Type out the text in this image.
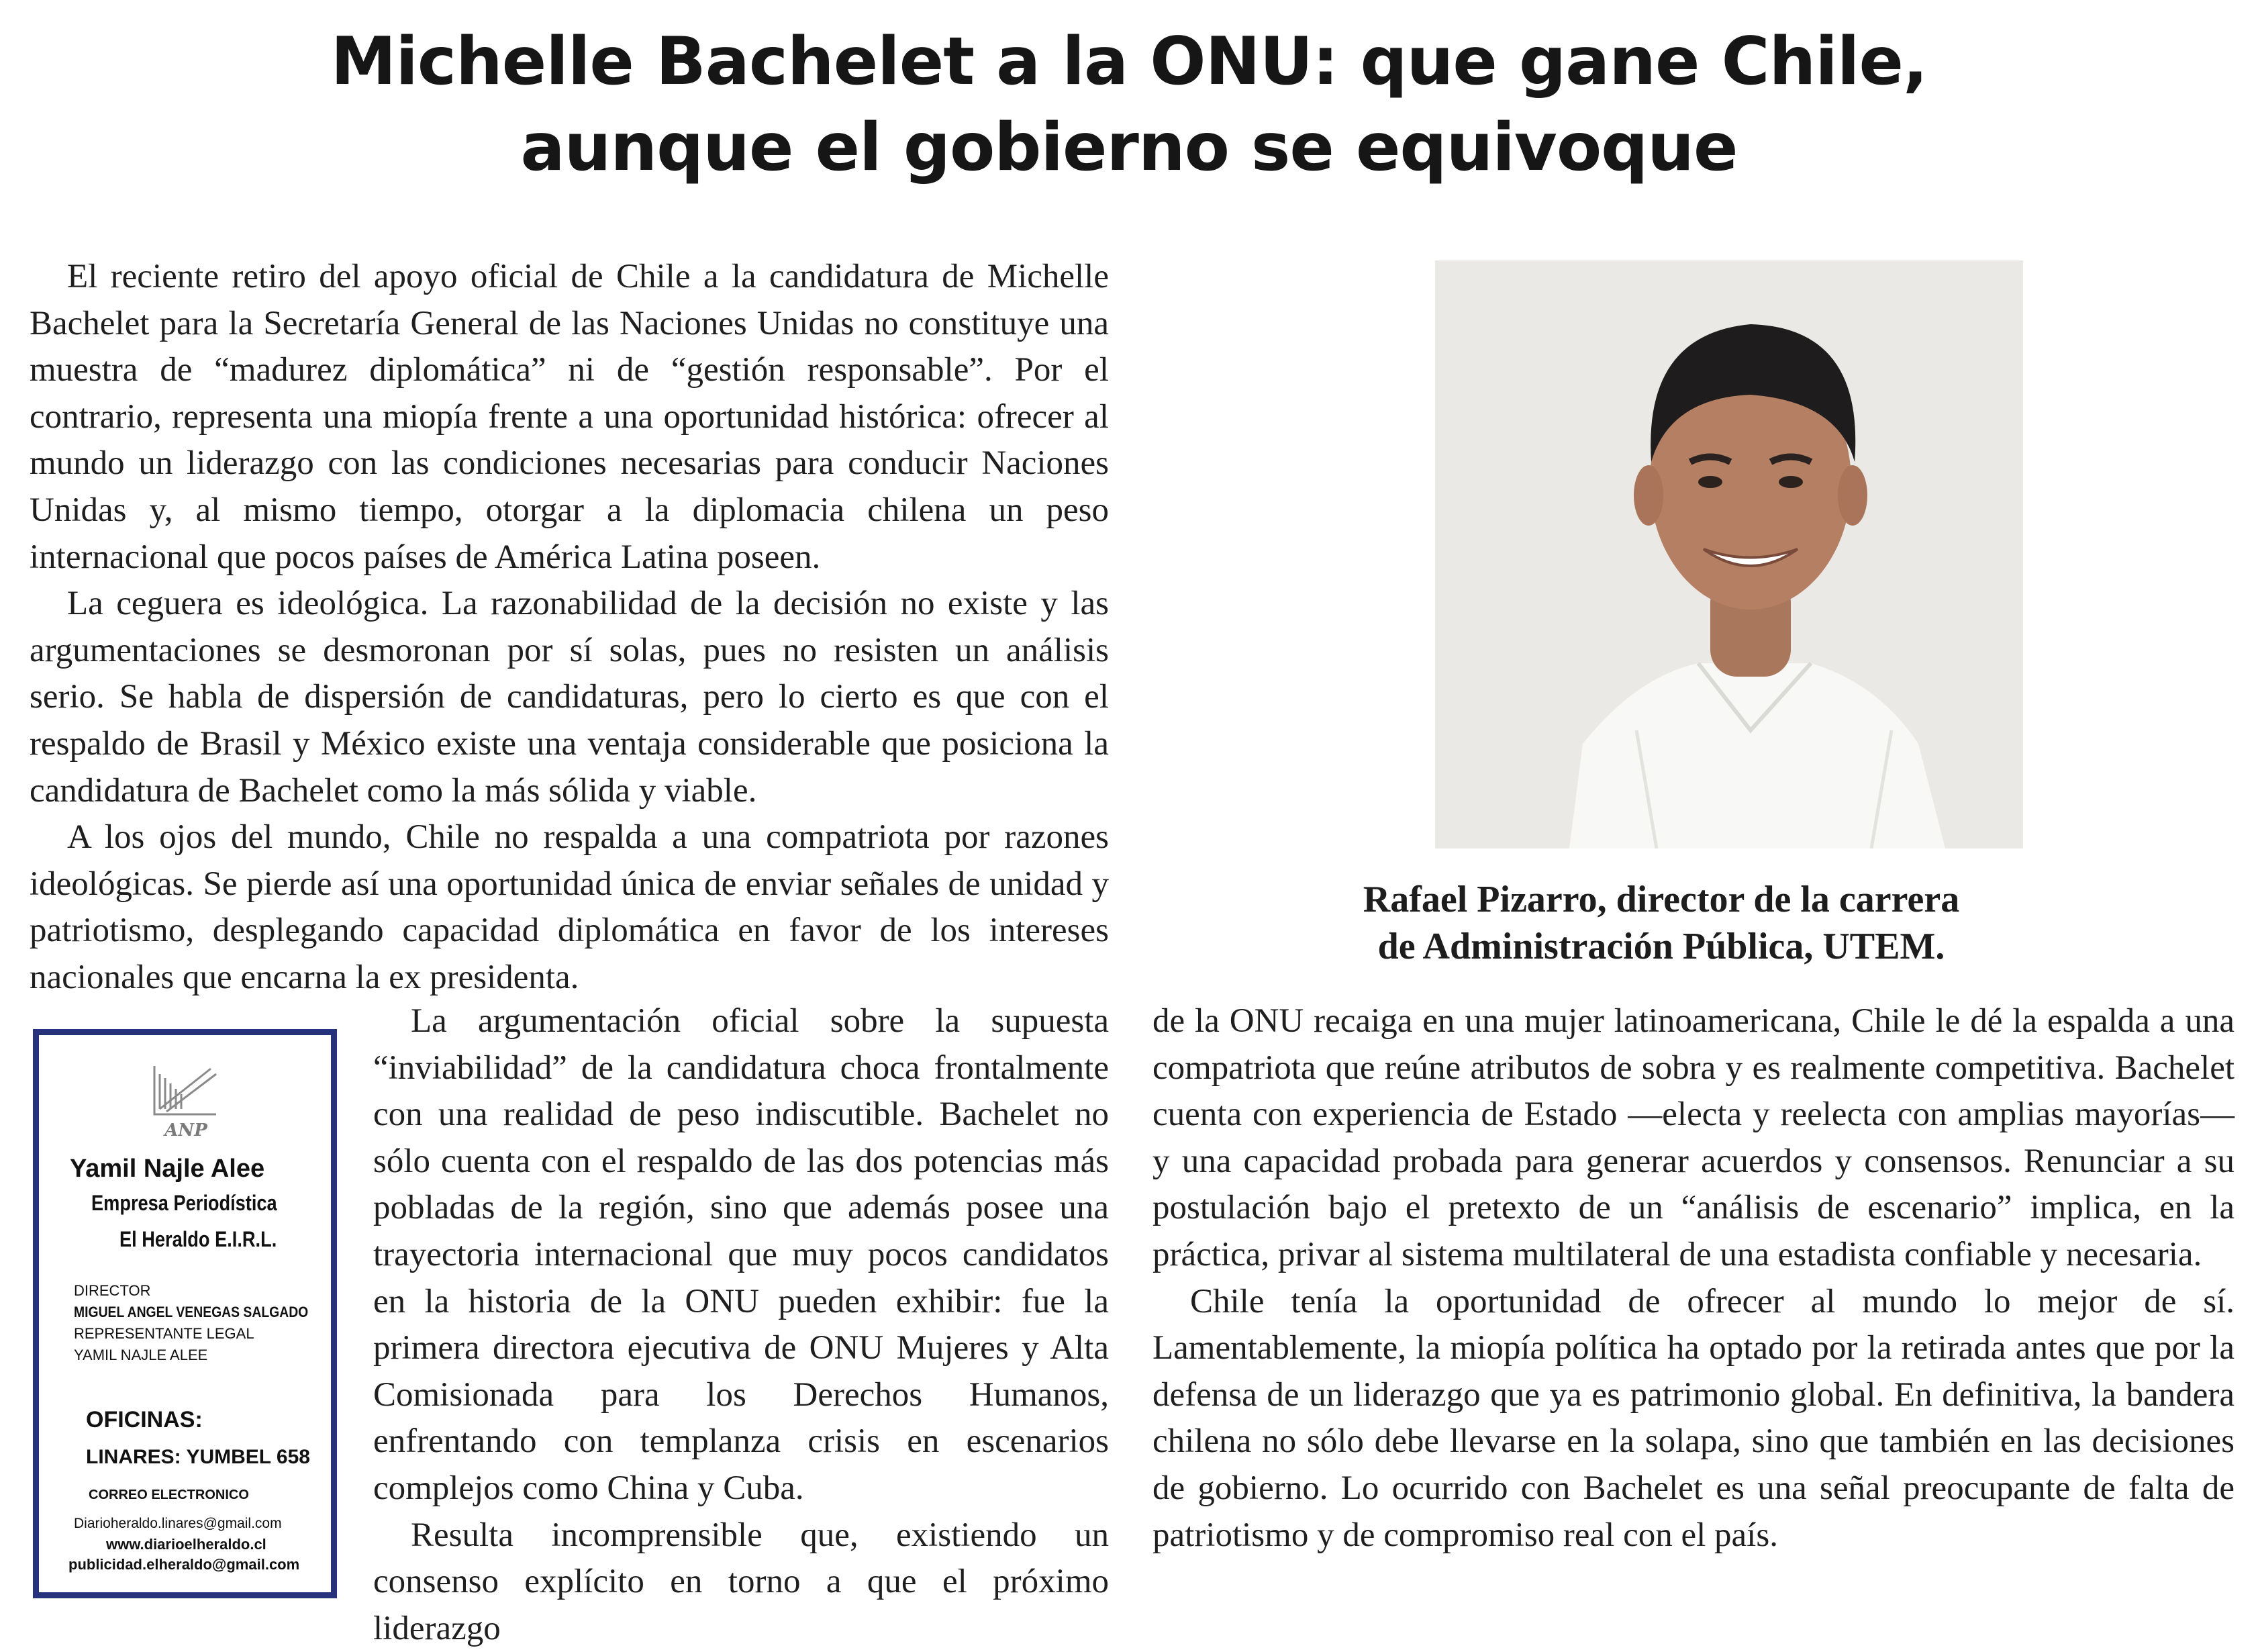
Michelle Bachelet a la ONU: que gane Chile,
aunque el gobierno se equivoque

El reciente retiro del apoyo oficial de Chile a la candidatura de Michelle Bachelet para la Secretaría General de las Naciones Unidas no constituye una muestra de “madurez diplomática” ni de “gestión responsable”. Por el contrario, representa una miopía frente a una oportunidad histórica: ofrecer al mundo un liderazgo con las condiciones necesarias para conducir Naciones Unidas y, al mismo tiempo, otorgar a la diplomacia chilena un peso internacional que pocos países de América Latina poseen.

La ceguera es ideológica. La razonabilidad de la decisión no existe y las argumentaciones se desmoronan por sí solas, pues no resisten un análisis serio. Se habla de dispersión de candidaturas, pero lo cierto es que con el respaldo de Brasil y México existe una ventaja considerable que posiciona la candidatura de Bachelet como la más sólida y viable.

A los ojos del mundo, Chile no respalda a una compatriota por razones ideológicas. Se pierde así una oportunidad única de enviar señales de unidad y patriotismo, desplegando capacidad diplomática en favor de los intereses nacionales que encarna la ex presidenta.

Rafael Pizarro, director de la carrera
de Administración Pública, UTEM.

ANP

Yamil Najle Alee

Empresa Periodística

El Heraldo E.I.R.L.

DIRECTOR

MIGUEL ANGEL VENEGAS SALGADO

REPRESENTANTE LEGAL

YAMIL NAJLE ALEE

OFICINAS:

LINARES: YUMBEL 658

CORREO ELECTRONICO

Diarioheraldo.linares@gmail.com

www.diarioelheraldo.cl

publicidad.elheraldo@gmail.com

La argumentación oficial sobre la supuesta “inviabilidad” de la candidatura choca frontalmente con una realidad de peso indiscutible. Bachelet no sólo cuenta con el respaldo de las dos potencias más pobladas de la región, sino que además posee una trayectoria internacional que muy pocos candidatos en la historia de la ONU pueden exhibir: fue la primera directora ejecutiva de ONU Mujeres y Alta Comisionada para los Derechos Humanos, enfrentando con templanza crisis en escenarios complejos como China y Cuba.

Resulta incomprensible que, existiendo un consenso explícito en torno a que el próximo liderazgo

de la ONU recaiga en una mujer latinoamericana, Chile le dé la espalda a una compatriota que reúne atributos de sobra y es realmente competitiva. Bachelet cuenta con experiencia de Estado —electa y reelecta con amplias mayorías— y una capacidad probada para generar acuerdos y consensos. Renunciar a su postulación bajo el pretexto de un “análisis de escenario” implica, en la práctica, privar al sistema multilateral de una estadista confiable y necesaria.

Chile tenía la oportunidad de ofrecer al mundo lo mejor de sí. Lamentablemente, la miopía política ha optado por la retirada antes que por la defensa de un liderazgo que ya es patrimonio global. En definitiva, la bandera chilena no sólo debe llevarse en la solapa, sino que también en las decisiones de gobierno. Lo ocurrido con Bachelet es una señal preocupante de falta de patriotismo y de compromiso real con el país.
